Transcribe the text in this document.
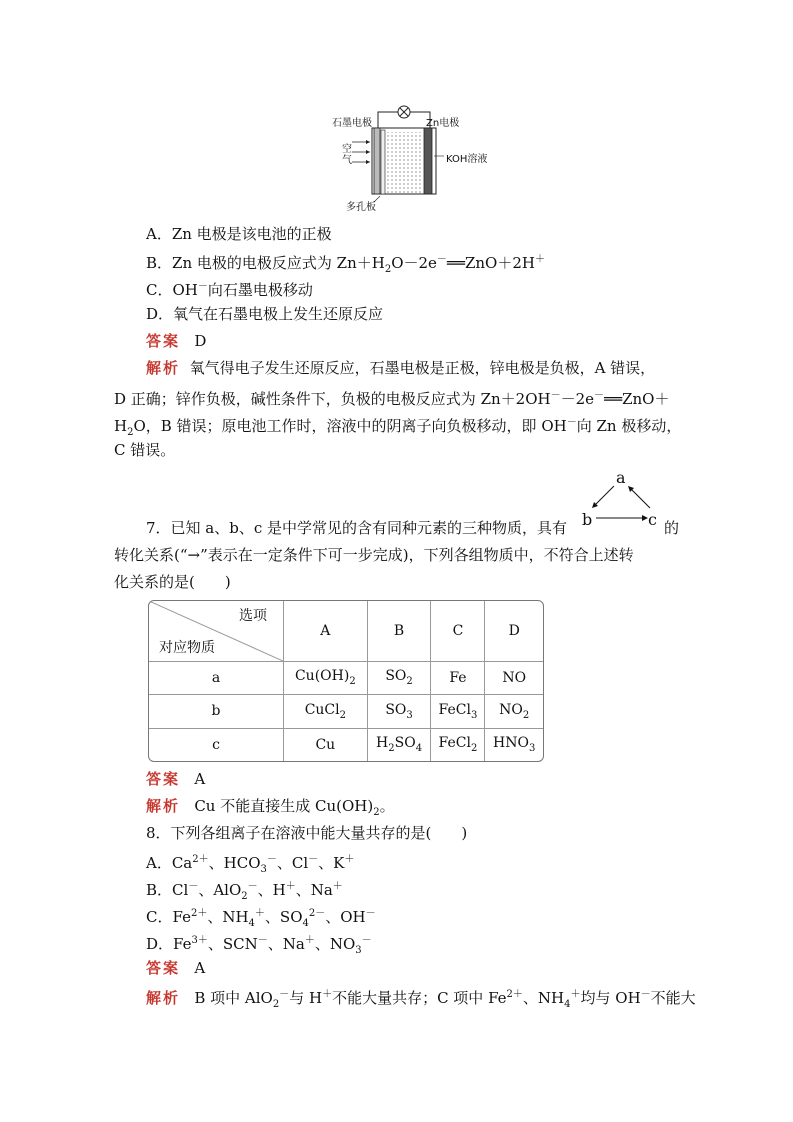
石墨电极	Zn电极
空气	KOH溶液
多孔板
A．Zn 电极是该电池的正极
B．Zn 电极的电极反应式为 $Zn+H_2O-2e^-══ZnO+2H^+$
C．OH－向石墨电极移动
D．氧气在石墨电极上发生还原反应
答案 D
解析 氧气得电子发生还原反应，石墨电极是正极，锌电极是负极，A 错误，
D 正确；锌作负极，碱性条件下，负极的电极反应式为 Zn＋2OH－－2e－══ZnO＋
$H_2O$，B 错误；原电池工作时，溶液中的阴离子向负极移动，即 OH－向 Zn 极移动，
C 错误。
7．已知 a、b、c 是中学常见的含有同种元素的三种物质，具有	的
a
b	c
转化关系(“→”表示在一定条件下可一步完成)，下列各组物质中，不符合上述转
化关系的是(　　)
选项
对应物质	A	B	C	D
a	$Cu(OH)_2$	$SO_2$	Fe	NO
b	CuCl$_2$	$SO_3$	FeCl$_3$	$NO_2$
c	Cu	$H_2SO_4$	FeCl$_2$	$HNO_3$
答案 A
解析 Cu 不能直接生成 $Cu(OH)_2$。
8．下列各组离子在溶液中能大量共存的是(　　)
A．$Ca^{2+}$、$HCO_3^-$、Cl－、K＋
B．Cl－、AlO$_2$－、H＋、Na＋
C．$Fe^{2+}$、$NH_4^+$、$SO_4^{2-}$、OH－
D．$Fe^{3+}$、SCN－、Na＋、$NO_3^-$
答案 A
解析 B 项中 AlO$_2$－与 H＋不能大量共存；C 项中 $Fe^{2+}$、$NH_4^+$均与 OH－不能大
